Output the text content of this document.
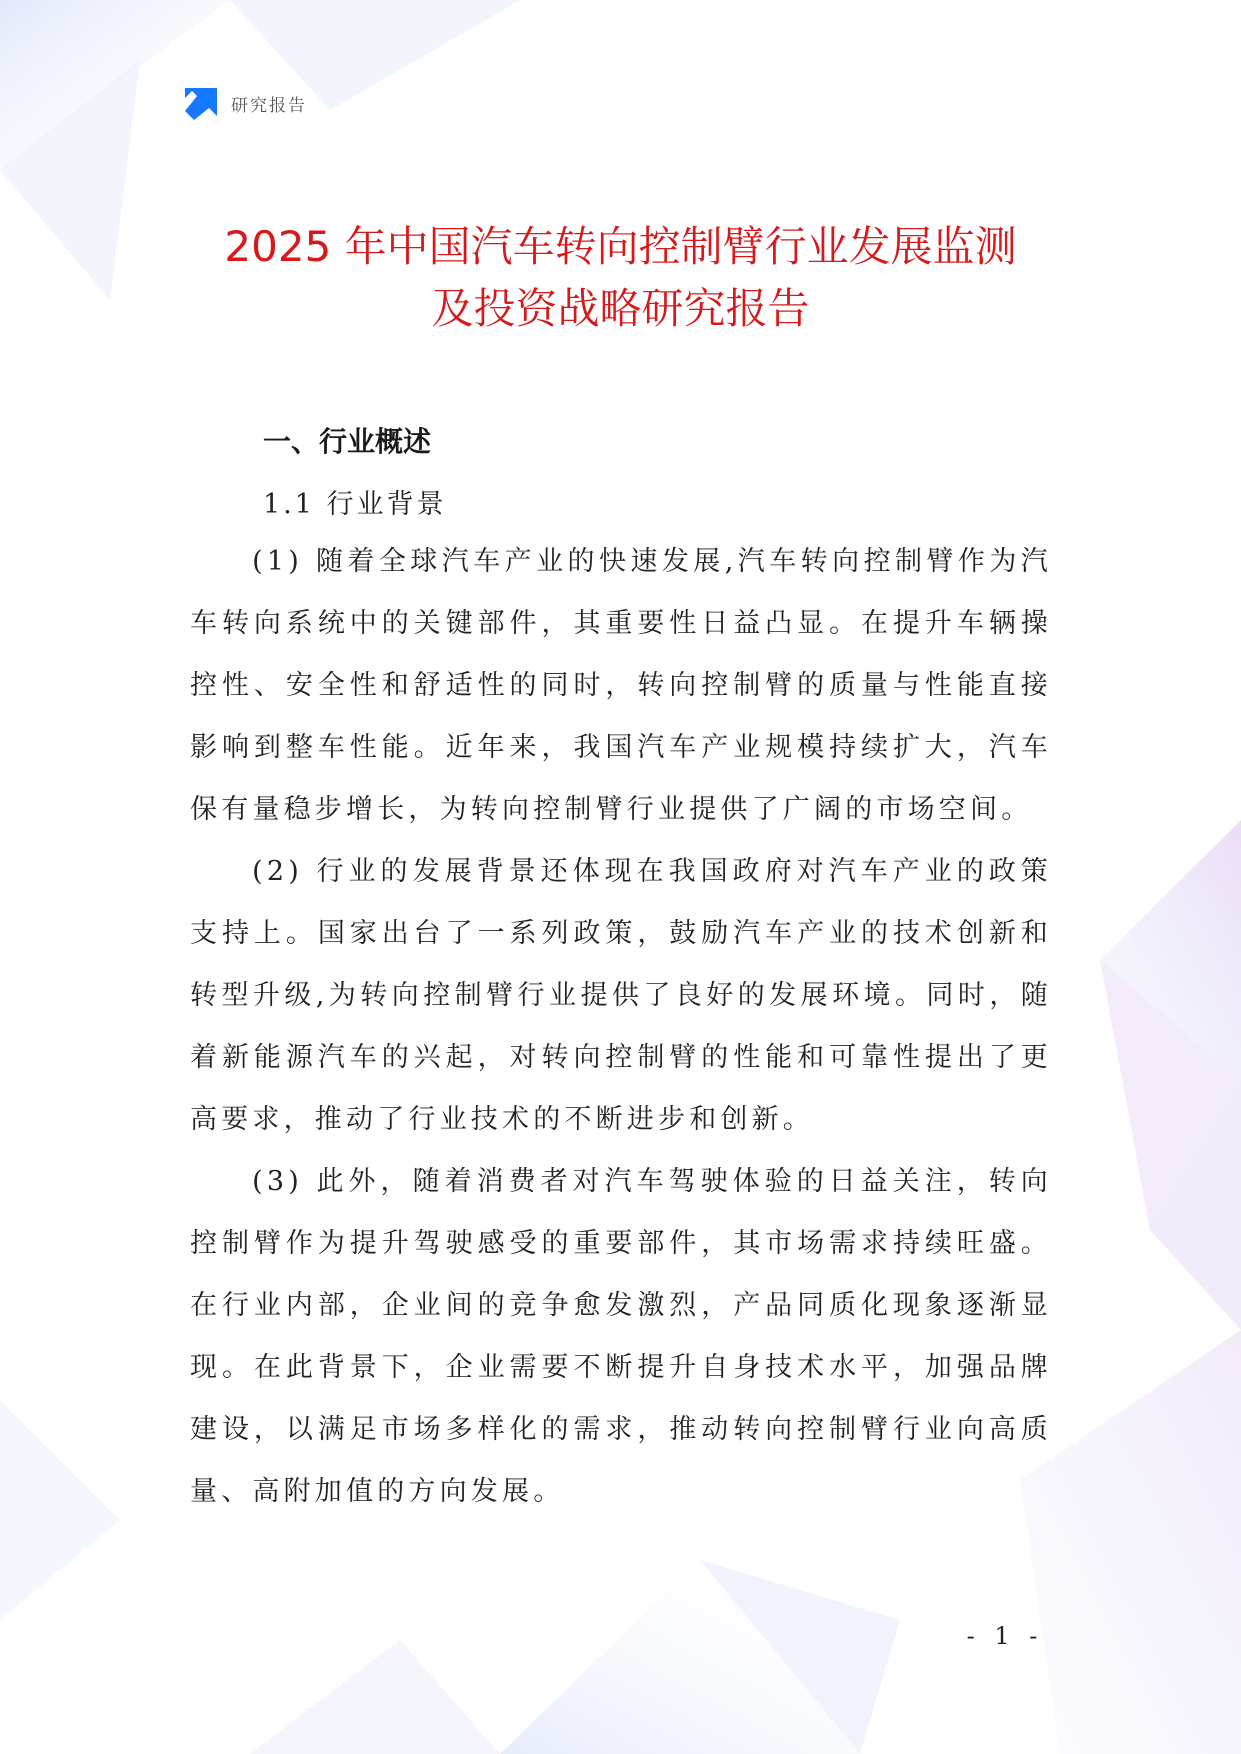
研究报告
2025 年中国汽车转向控制臂行业发展监测
及投资战略研究报告
一、行业概述
1.1 行业背景

(1) 随着全球汽车产业的快速发展,汽车转向控制臂作为汽车转向系统中的关键部件，其重要性日益凸显。在提升车辆操控性、安全性和舒适性的同时，转向控制臂的质量与性能直接影响到整车性能。近年来，我国汽车产业规模持续扩大，汽车保有量稳步增长，为转向控制臂行业提供了广阔的市场空间。

(2) 行业的发展背景还体现在我国政府对汽车产业的政策支持上。国家出台了一系列政策，鼓励汽车产业的技术创新和转型升级,为转向控制臂行业提供了良好的发展环境。同时，随着新能源汽车的兴起，对转向控制臂的性能和可靠性提出了更高要求，推动了行业技术的不断进步和创新。

(3) 此外，随着消费者对汽车驾驶体验的日益关注，转向控制臂作为提升驾驶感受的重要部件，其市场需求持续旺盛。在行业内部，企业间的竞争愈发激烈，产品同质化现象逐渐显现。在此背景下，企业需要不断提升自身技术水平，加强品牌建设，以满足市场多样化的需求，推动转向控制臂行业向高质量、高附加值的方向发展。

- 1 -
